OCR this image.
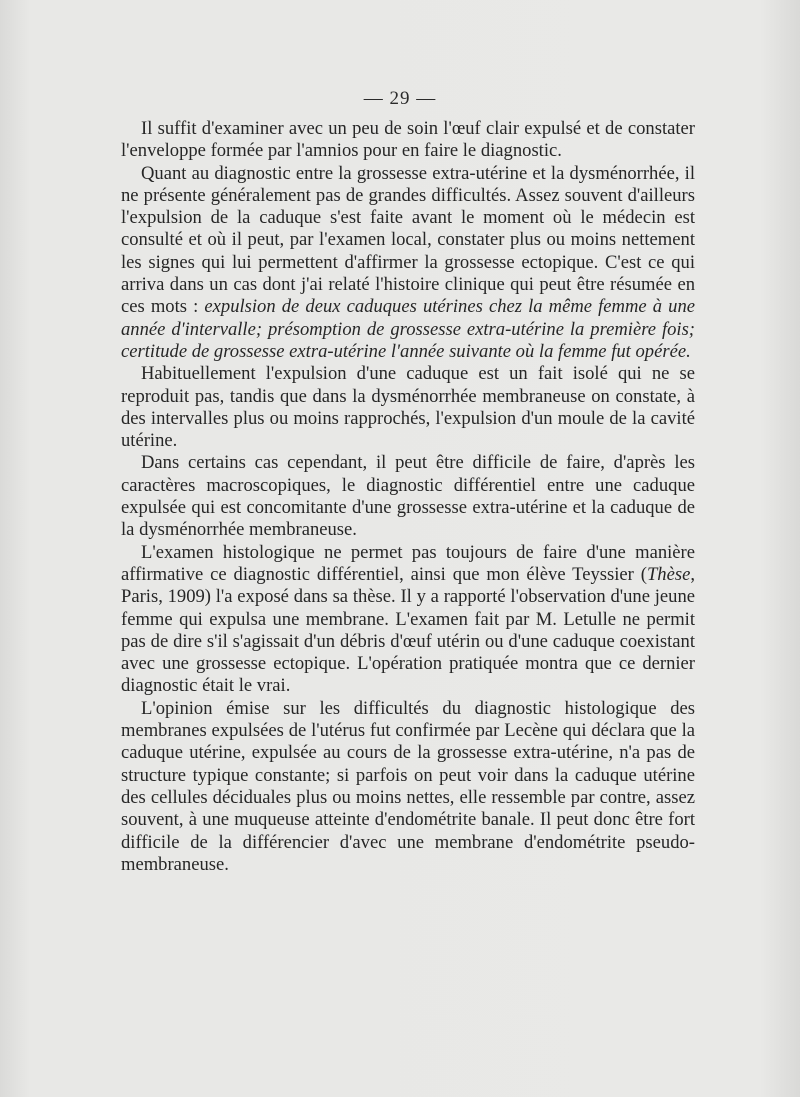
— 29 —

Il suffit d'examiner avec un peu de soin l'œuf clair expulsé et de constater l'enveloppe formée par l'amnios pour en faire le diagnostic.

Quant au diagnostic entre la grossesse extra-utérine et la dysménorrhée, il ne présente généralement pas de grandes difficultés. Assez souvent d'ailleurs l'expulsion de la caduque s'est faite avant le moment où le médecin est consulté et où il peut, par l'examen local, constater plus ou moins nettement les signes qui lui permettent d'affirmer la grossesse ectopique. C'est ce qui arriva dans un cas dont j'ai relaté l'histoire clinique qui peut être résumée en ces mots : expulsion de deux caduques utérines chez la même femme à une année d'intervalle; présomption de grossesse extra-utérine la première fois; certitude de grossesse extra-utérine l'année suivante où la femme fut opérée.

Habituellement l'expulsion d'une caduque est un fait isolé qui ne se reproduit pas, tandis que dans la dysménorrhée membraneuse on constate, à des intervalles plus ou moins rapprochés, l'expulsion d'un moule de la cavité utérine.

Dans certains cas cependant, il peut être difficile de faire, d'après les caractères macroscopiques, le diagnostic différentiel entre une caduque expulsée qui est concomitante d'une grossesse extra-utérine et la caduque de la dysménorrhée membraneuse.

L'examen histologique ne permet pas toujours de faire d'une manière affirmative ce diagnostic différentiel, ainsi que mon élève Teyssier (Thèse, Paris, 1909) l'a exposé dans sa thèse. Il y a rapporté l'observation d'une jeune femme qui expulsa une membrane. L'examen fait par M. Letulle ne permit pas de dire s'il s'agissait d'un débris d'œuf utérin ou d'une caduque coexistant avec une grossesse ectopique. L'opération pratiquée montra que ce dernier diagnostic était le vrai.

L'opinion émise sur les difficultés du diagnostic histologique des membranes expulsées de l'utérus fut confirmée par Lecène qui déclara que la caduque utérine, expulsée au cours de la grossesse extra-utérine, n'a pas de structure typique constante; si parfois on peut voir dans la caduque utérine des cellules déciduales plus ou moins nettes, elle ressemble par contre, assez souvent, à une muqueuse atteinte d'endométrite banale. Il peut donc être fort difficile de la différencier d'avec une membrane d'endométrite pseudo-membraneuse.
